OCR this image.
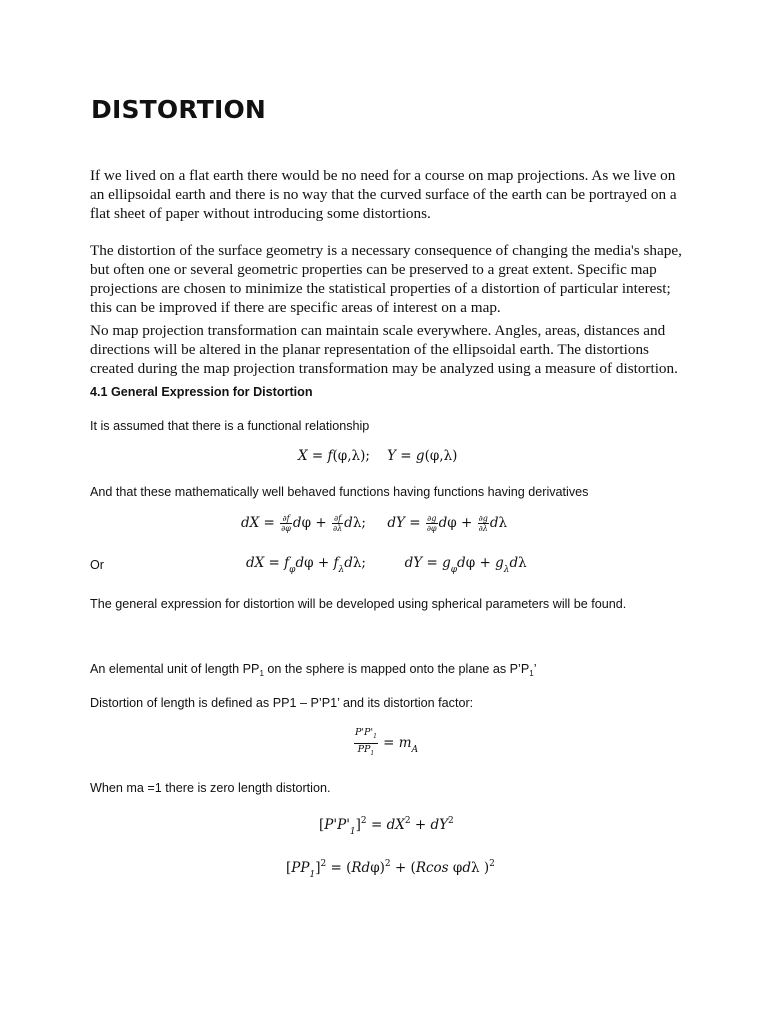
DISTORTION

If we lived on a flat earth there would be no need for a course on map projections. As we live on an ellipsoidal earth and there is no way that the curved surface of the earth can be portrayed on a flat sheet of paper without introducing some distortions.

The distortion of the surface geometry is a necessary consequence of changing the media's shape, but often one or several geometric properties can be preserved to a great extent. Specific map projections are chosen to minimize the statistical properties of a distortion of particular interest; this can be improved if there are specific areas of interest on a map.

No map projection transformation can maintain scale everywhere. Angles, areas, distances and directions will be altered in the planar representation of the ellipsoidal earth. The distortions created during the map projection transformation may be analyzed using a measure of distortion.

4.1 General Expression for Distortion

It is assumed that there is a functional relationship

X = f(φ,λ);    Y = g(φ,λ)

And that these mathematically well behaved functions having functions having derivatives

dX = $\frac{\partial f}{\partial\varphi}$ $d\varphi + \frac{\partial f}{\partial\lambda} d\lambda$;     dY = $\frac{\partial g}{\partial\varphi}$ $d\varphi + \frac{\partial g}{\partial\lambda}$ dλ

Or	dX = $f_\varphi d\varphi + f_\lambda d\lambda$;         dY = $g_\varphi d\varphi + g_\lambda d\lambda$

The general expression for distortion will be developed using spherical parameters will be found.

An elemental unit of length $PP_1$ on the sphere is mapped onto the plane as $P’P_1$’

Distortion of length is defined as PP1 – P’P1’ and its distortion factor:

$\frac{P'P'_1}{PP_1} = m_A$

When ma =1 there is zero length distortion.

$[P'P'_1]^2 = dX^2 + dY^2$
$[PP_1]^2 = (Rd\varphi)^2 + (Rcos$ φdλ )$^2$
